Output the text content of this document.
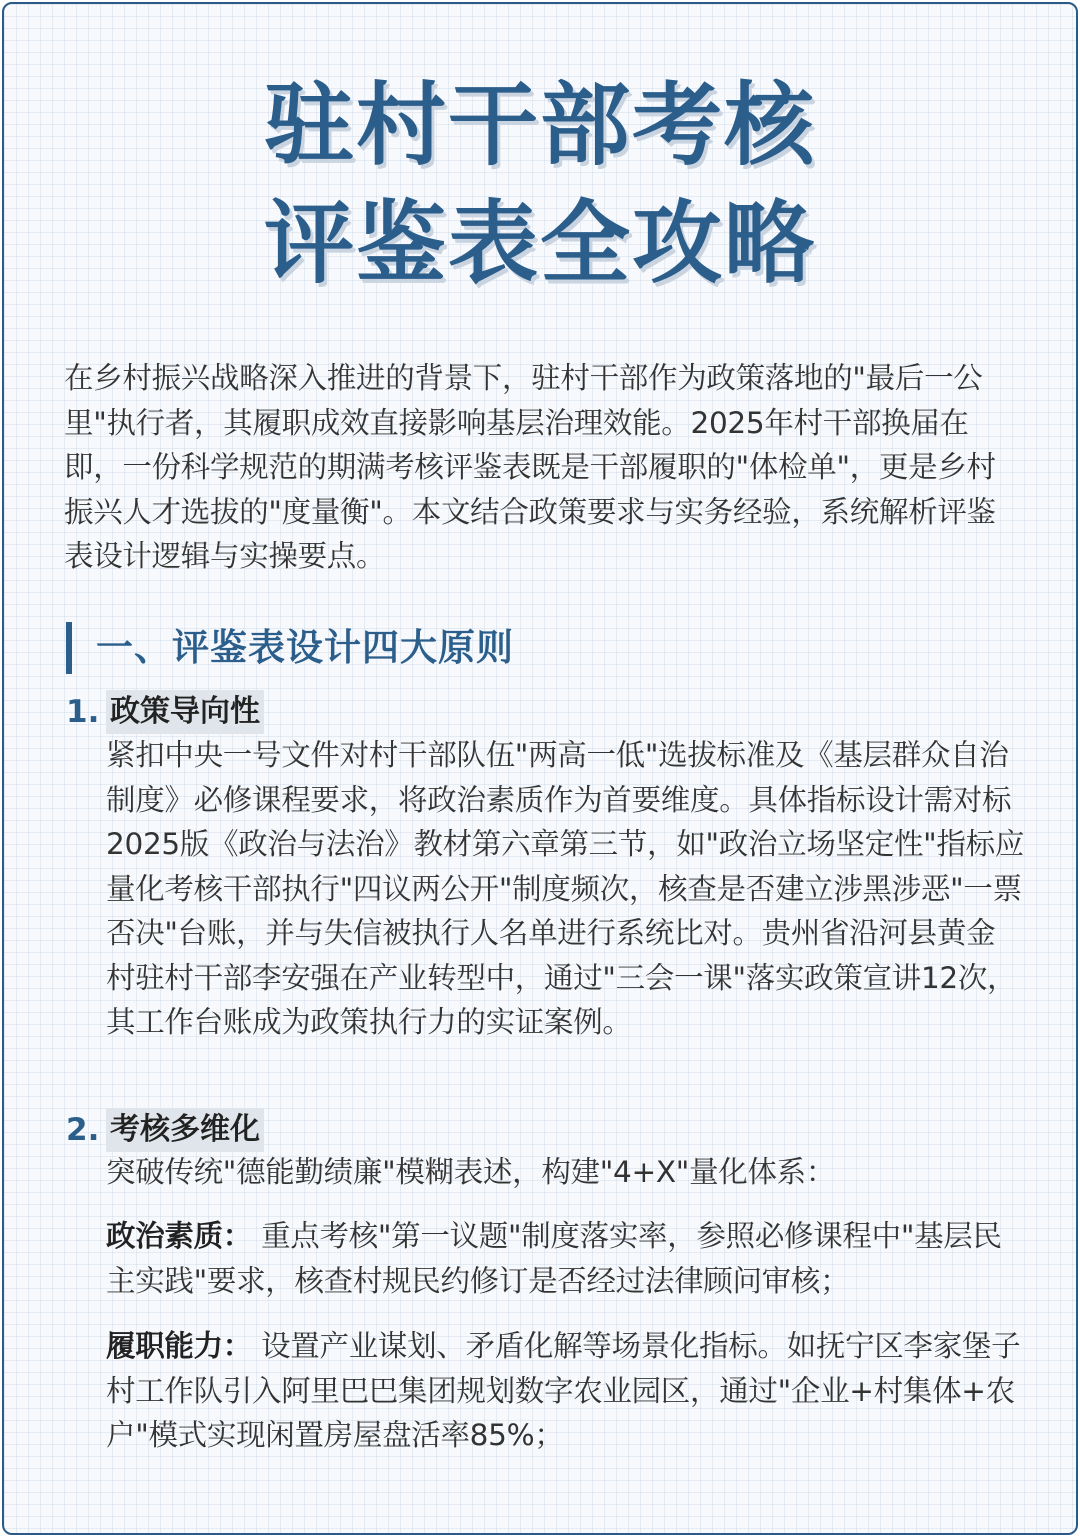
驻村干部考核
评鉴表全攻略

在乡村振兴战略深入推进的背景下，驻村干部作为政策落地的"最后一公里"执行者，其履职成效直接影响基层治理效能。2025年村干部换届在即，一份科学规范的期满考核评鉴表既是干部履职的"体检单"，更是乡村振兴人才选拔的"度量衡"。本文结合政策要求与实务经验，系统解析评鉴表设计逻辑与实操要点。

一、评鉴表设计四大原则
1. 政策导向性

紧扣中央一号文件对村干部队伍"两高一低"选拔标准及《基层群众自治制度》必修课程要求，将政治素质作为首要维度。具体指标设计需对标2025版《政治与法治》教材第六章第三节，如"政治立场坚定性"指标应量化考核干部执行"四议两公开"制度频次，核查是否建立涉黑涉恶"一票否决"台账，并与失信被执行人名单进行系统比对。贵州省沿河县黄金村驻村干部李安强在产业转型中，通过"三会一课"落实政策宣讲12次，其工作台账成为政策执行力的实证案例。

2. 考核多维化

突破传统"德能勤绩廉"模糊表述，构建"4+X"量化体系：

政治素质： 重点考核"第一议题"制度落实率，参照必修课程中"基层民主实践"要求，核查村规民约修订是否经过法律顾问审核；

履职能力： 设置产业谋划、矛盾化解等场景化指标。如抚宁区李家堡子村工作队引入阿里巴巴集团规划数字农业园区，通过"企业+村集体+农户"模式实现闲置房屋盘活率85%；
